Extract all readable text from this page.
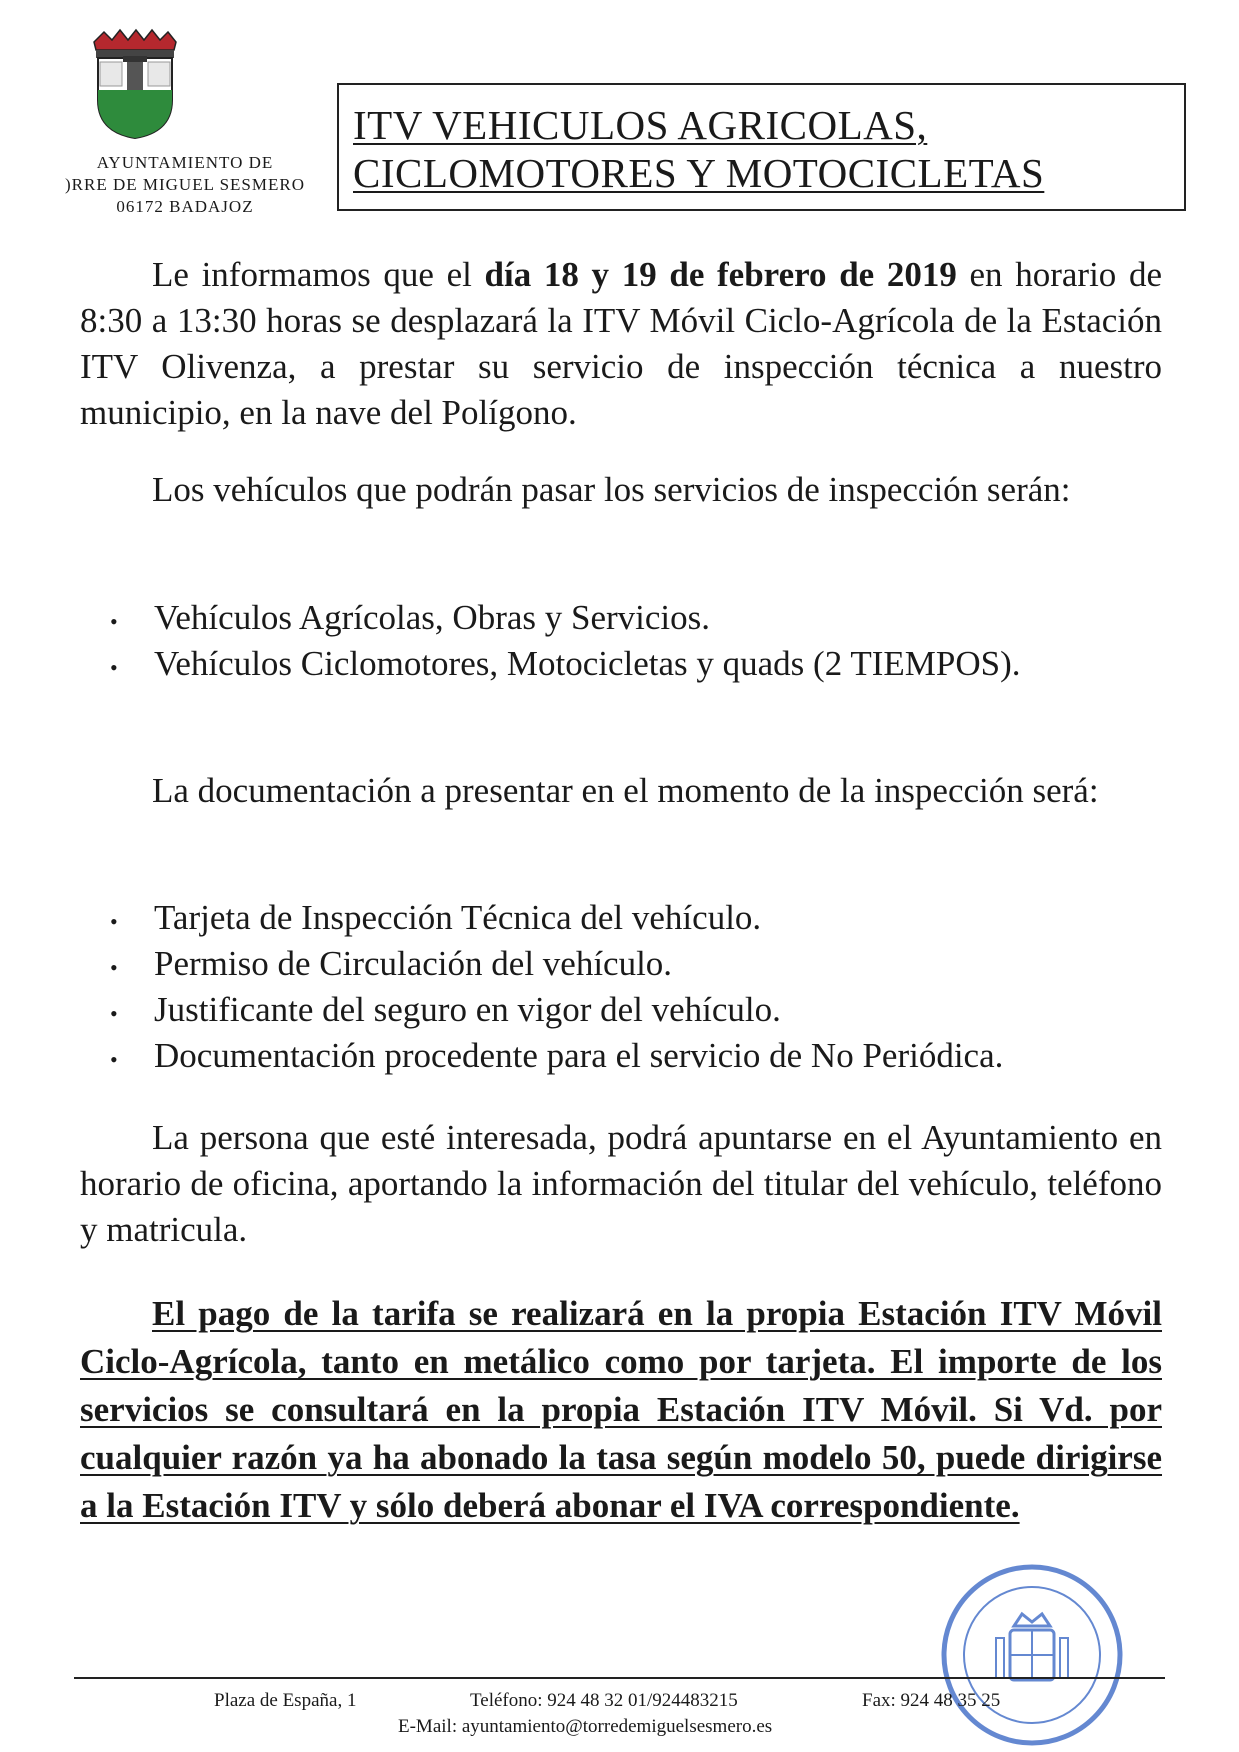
AYUNTAMIENTO DE
)RRE DE MIGUEL SESMERO
06172 BADAJOZ
ITV VEHICULOS AGRICOLAS,
CICLOMOTORES Y MOTOCICLETAS

Le informamos que el día 18 y 19 de febrero de 2019 en horario de 8:30 a 13:30 horas se desplazará la ITV Móvil Ciclo-Agrícola de la Estación ITV Olivenza, a prestar su servicio de inspección técnica a nuestro municipio, en la nave del Polígono.

Los vehículos que podrán pasar los servicios de inspección serán:

• Vehículos Agrícolas, Obras y Servicios.
• Vehículos Ciclomotores, Motocicletas y quads (2 TIEMPOS).

La documentación a presentar en el momento de la inspección será:

• Tarjeta de Inspección Técnica del vehículo.
• Permiso de Circulación del vehículo.
• Justificante del seguro en vigor del vehículo.
• Documentación procedente para el servicio de No Periódica.

La persona que esté interesada, podrá apuntarse en el Ayuntamiento en horario de oficina, aportando la información del titular del vehículo, teléfono y matricula.

El pago de la tarifa se realizará en la propia Estación ITV Móvil Ciclo-Agrícola, tanto en metálico como por tarjeta. El importe de los servicios se consultará en la propia Estación ITV Móvil. Si Vd. por cualquier razón ya ha abonado la tasa según modelo 50, puede dirigirse a la Estación ITV y sólo deberá abonar el IVA correspondiente.

Plaza de España, 1	Teléfono: 924 48 32 01/924483215	Fax: 924 48 35 25
E-Mail: ayuntamiento@torredemiguelsesmero.es
